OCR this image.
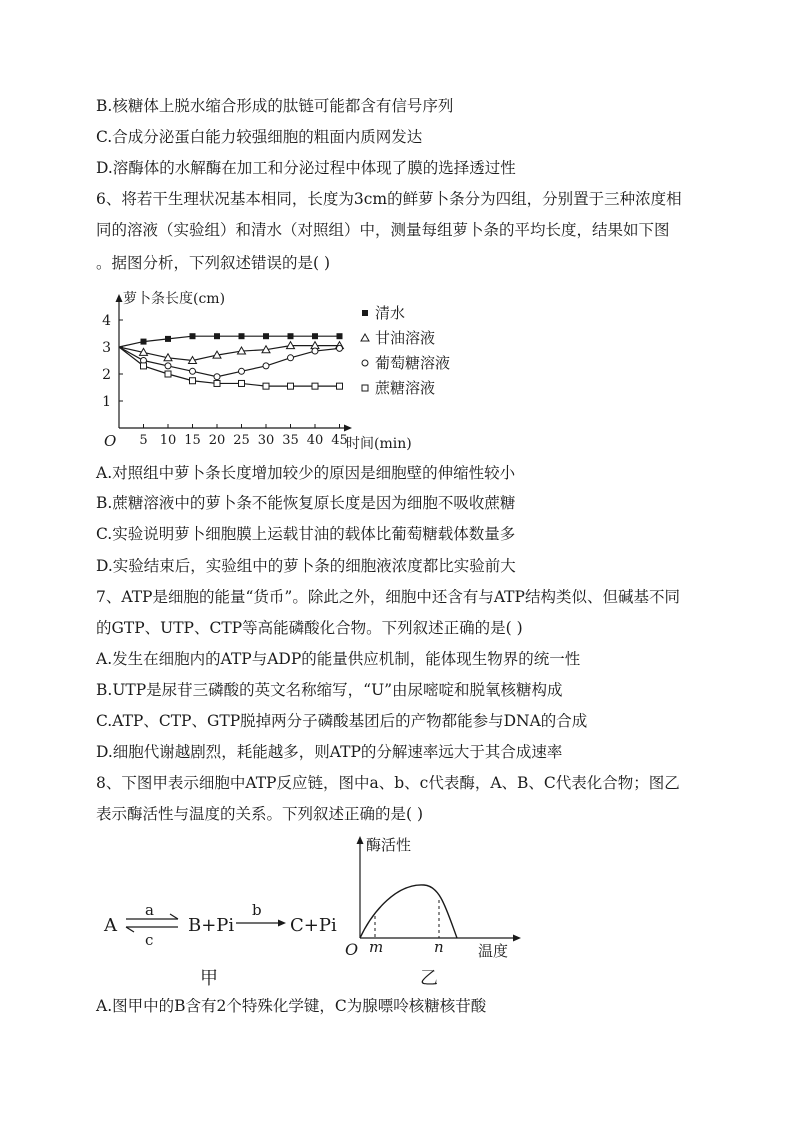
B.核糖体上脱水缩合形成的肽链可能都含有信号序列
C.合成分泌蛋白能力较强细胞的粗面内质网发达
D.溶酶体的水解酶在加工和分泌过程中体现了膜的选择透过性
6、将若干生理状况基本相同，长度为3cm的鲜萝卜条分为四组，分别置于三种浓度相
同的溶液（实验组）和清水（对照组）中，测量每组萝卜条的平均长度，结果如下图
。据图分析，下列叙述错误的是( )
萝卜条长度(cm)
时间(min)
O 5 10 15 20 25 30 35 40 45
1
2
3
4	清水
甘油溶液
葡萄糖溶液
蔗糖溶液
A.对照组中萝卜条长度增加较少的原因是细胞壁的伸缩性较小
B.蔗糖溶液中的萝卜条不能恢复原长度是因为细胞不吸收蔗糖
C.实验说明萝卜细胞膜上运载甘油的载体比葡萄糖载体数量多
D.实验结束后，实验组中的萝卜条的细胞液浓度都比实验前大
7、ATP是细胞的能量“货币”。除此之外，细胞中还含有与ATP结构类似、但碱基不同
的GTP、UTP、CTP等高能磷酸化合物。下列叙述正确的是( )
A.发生在细胞内的ATP与ADP的能量供应机制，能体现生物界的统一性
B.UTP是尿苷三磷酸的英文名称缩写，“U”由尿嘧啶和脱氧核糖构成
C.ATP、CTP、GTP脱掉两分子磷酸基团后的产物都能参与DNA的合成
D.细胞代谢越剧烈，耗能越多，则ATP的分解速率远大于其合成速率
8、下图甲表示细胞中ATP反应链，图中a、b、c代表酶，A、B、C代表化合物；图乙
表示酶活性与温度的关系。下列叙述正确的是( )
A
a
c
B+Pi
b
C+Pi
甲
酶活性
温度
O m	n
乙
A.图甲中的B含有2个特殊化学键，C为腺嘌呤核糖核苷酸
